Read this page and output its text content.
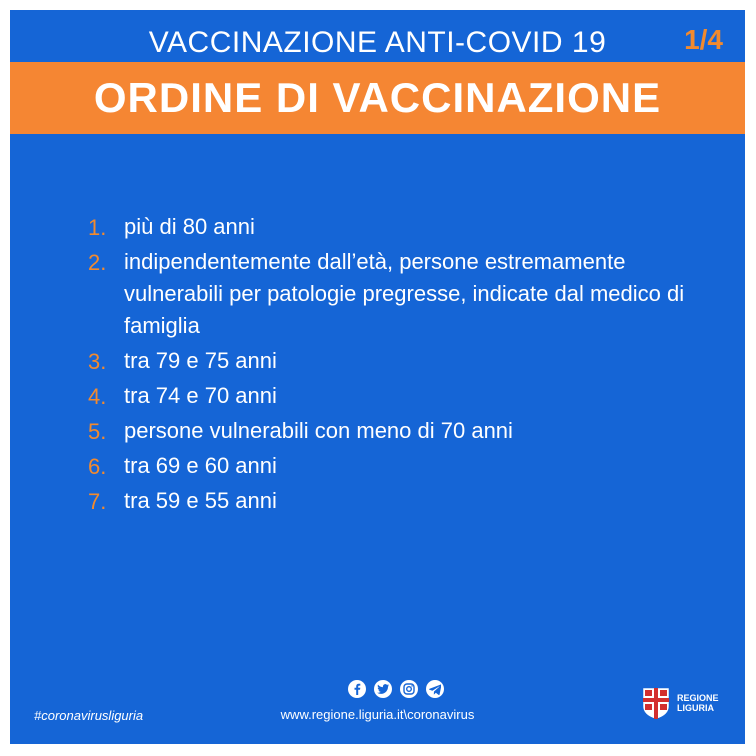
VACCINAZIONE ANTI-COVID 19	1/4
ORDINE DI VACCINAZIONE
1. più di 80 anni
2. indipendentemente dall’età, persone estremamente vulnerabili per patologie pregresse, indicate dal medico di famiglia
3. tra 79 e 75 anni
4. tra 74 e 70 anni
5. persone vulnerabili con meno di 70 anni
6. tra 69 e 60 anni
7. tra 59 e 55 anni
#coronavirusliguria	www.regione.liguria.it\coronavirus
REGIONE
LIGURIA
